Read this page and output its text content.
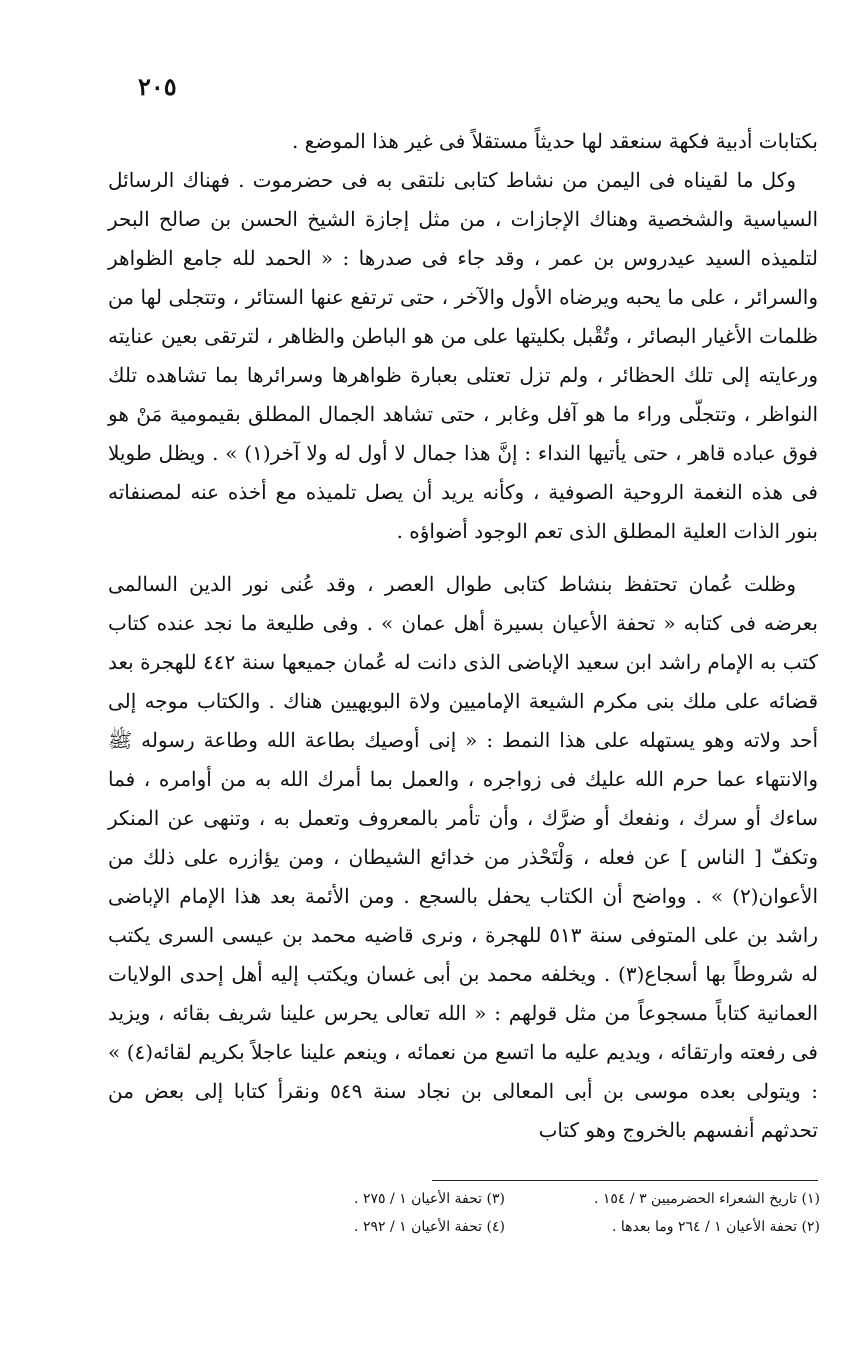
٢٠٥

بكتابات أدبية فكهة سنعقد لها حديثاً مستقلاً فى غير هذا الموضع .

وكل ما لقيناه فى اليمن من نشاط كتابى نلتقى به فى حضرموت . فهناك الرسائل السياسية والشخصية وهناك الإجازات ، من مثل إجازة الشيخ الحسن بن صالح البحر لتلميذه السيد عيدروس بن عمر ، وقد جاء فى صدرها : « الحمد لله جامع الظواهر والسرائر ، على ما يحبه ويرضاه الأول والآخر ، حتى ترتفع عنها الستائر ، وتتجلى لها من ظلمات الأغيار البصائر ، وتُقْبل بكليتها على من هو الباطن والظاهر ، لترتقى بعين عنايته ورعايته إلى تلك الحظائر ، ولم تزل تعتلى بعبارة ظواهرها وسرائرها بما تشاهده تلك النواظر ، وتتجلّى وراء ما هو آفل وغابر ، حتى تشاهد الجمال المطلق بقيمومية مَنْ هو فوق عباده قاهر ، حتى يأتيها النداء : إنَّ هذا جمال لا أول له ولا آخر(١) » . ويظل طويلا فى هذه النغمة الروحية الصوفية ، وكأنه يريد أن يصل تلميذه مع أخذه عنه لمصنفاته بنور الذات العلية المطلق الذى تعم الوجود أضواؤه .

وظلت عُمان تحتفظ بنشاط كتابى طوال العصر ، وقد عُنى نور الدين السالمى بعرضه فى كتابه « تحفة الأعيان بسيرة أهل عمان » . وفى طليعة ما نجد عنده كتاب كتب به الإمام راشد ابن سعيد الإباضى الذى دانت له عُمان جميعها سنة ٤٤٢ للهجرة بعد قضائه على ملك بنى مكرم الشيعة الإماميين ولاة البويهيين هناك . والكتاب موجه إلى أحد ولاته وهو يستهله على هذا النمط : « إنى أوصيك بطاعة الله وطاعة رسوله ﷺ والانتهاء عما حرم الله عليك فى زواجره ، والعمل بما أمرك الله به من أوامره ، فما ساءك أو سرك ، ونفعك أو ضرَّك ، وأن تأمر بالمعروف وتعمل به ، وتنهى عن المنكر وتكفّ [ الناس ] عن فعله ، وَلْتَحْذر من خدائع الشيطان ، ومن يؤازره على ذلك من الأعوان(٢) » . وواضح أن الكتاب يحفل بالسجع . ومن الأئمة بعد هذا الإمام الإباضى راشد بن على المتوفى سنة ٥١٣ للهجرة ، ونرى قاضيه محمد بن عيسى السرى يكتب له شروطاً بها أسجاع(٣) . ويخلفه محمد بن أبى غسان ويكتب إليه أهل إحدى الولايات العمانية كتاباً مسجوعاً من مثل قولهم : « الله تعالى يحرس علينا شريف بقائه ، ويزيد فى رفعته وارتقائه ، ويديم عليه ما اتسع من نعمائه ، وينعم علينا عاجلاً بكريم لقائه(٤) » : ويتولى بعده موسى بن أبى المعالى بن نجاد سنة ٥٤٩ ونقرأ كتابا إلى بعض من تحدثهم أنفسهم بالخروج وهو كتاب

(١) تاريخ الشعراء الحضرميين ٣ / ١٥٤ .
(٣) تحفة الأعيان ١ / ٢٧٥ .
(٢) تحفة الأعيان ١ / ٢٦٤ وما بعدها .
(٤) تحفة الأعيان ١ / ٢٩٢ .
